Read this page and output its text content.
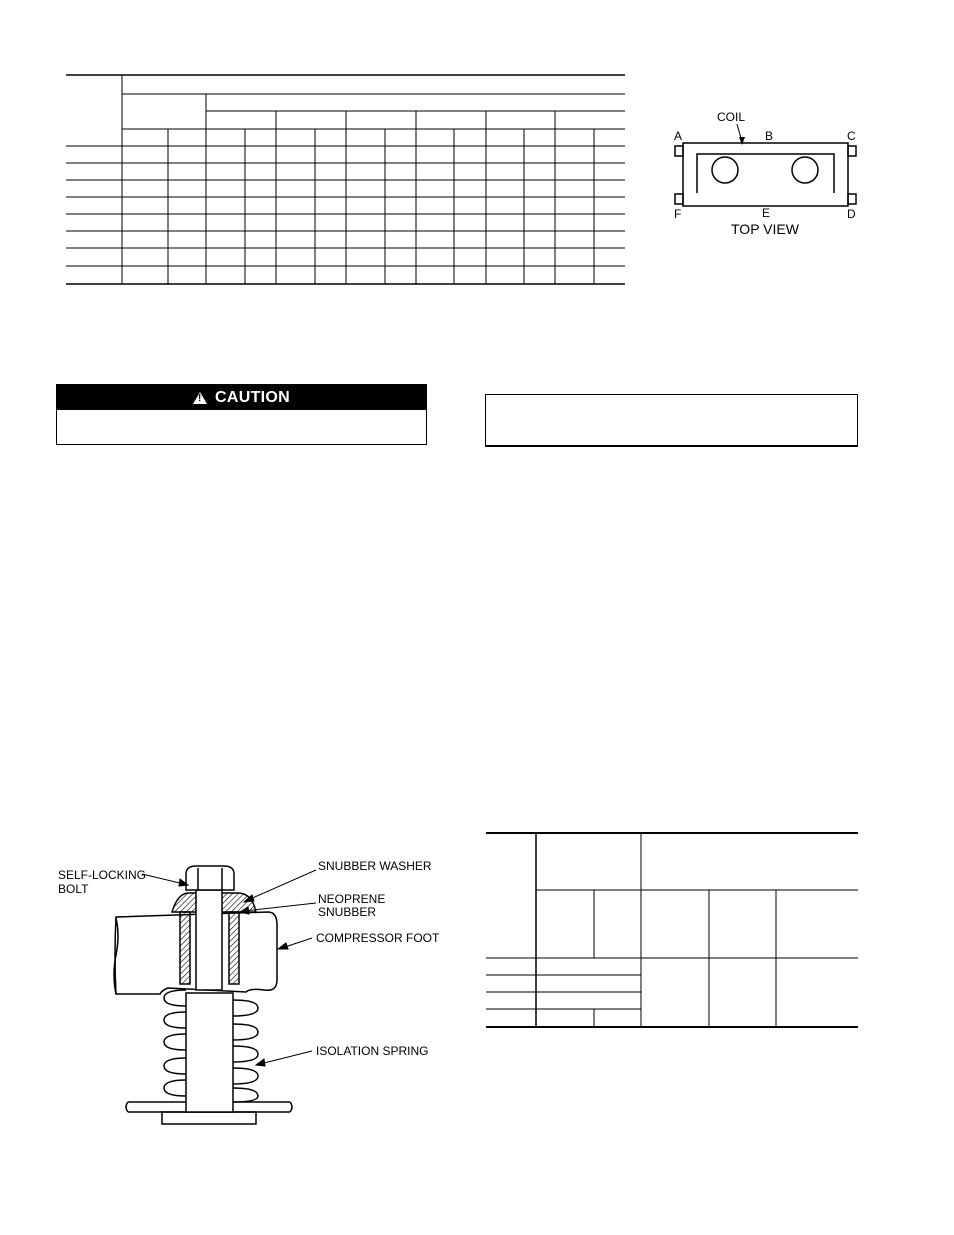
COIL
A	B	C
F	E	D
TOP VIEW
!
CAUTION
SELF-LOCKING
BOLT
SNUBBER WASHER
NEOPRENE
SNUBBER
COMPRESSOR FOOT
ISOLATION SPRING
